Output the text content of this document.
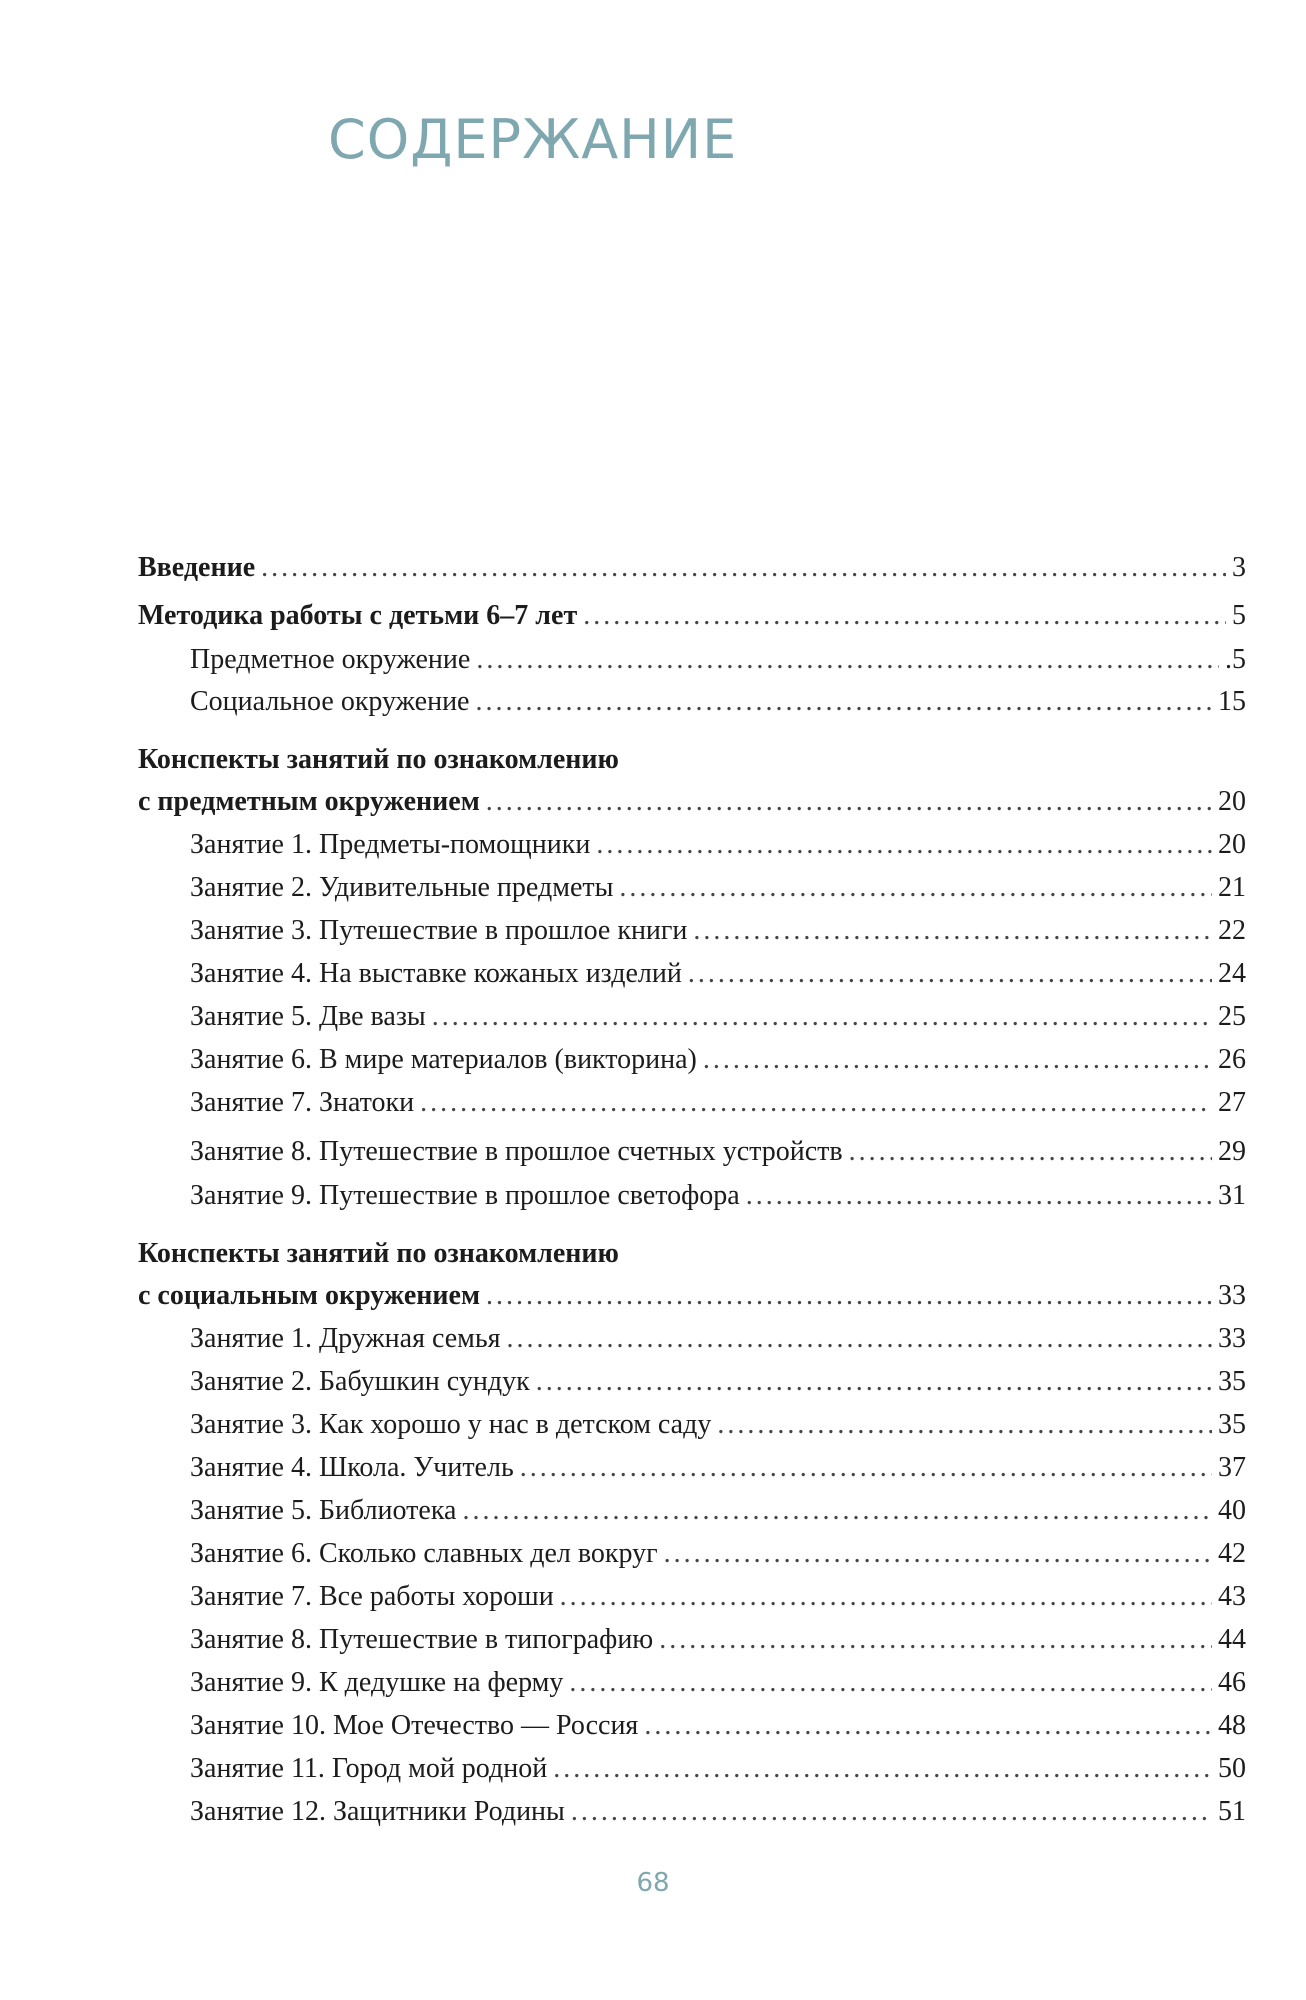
СОДЕРЖАНИЕ
Введение .....	3
Методика работы с детьми 6–7 лет .....	5
Предметное окружение .....	.5
Социальное окружение .....	15
Конспекты занятий по ознакомлению
с предметным окружением .....	20
Занятие 1. Предметы-помощники .....	20
Занятие 2. Удивительные предметы .....	21
Занятие 3. Путешествие в прошлое книги .....	22
Занятие 4. На выставке кожаных изделий .....	24
Занятие 5. Две вазы .....	25
Занятие 6. В мире материалов (викторина) .....	26
Занятие 7. Знатоки .....	27
Занятие 8. Путешествие в прошлое счетных устройств .....	29
Занятие 9. Путешествие в прошлое светофора .....	31
Конспекты занятий по ознакомлению
с социальным окружением .....	33
Занятие 1. Дружная семья .....	33
Занятие 2. Бабушкин сундук .....	35
Занятие 3. Как хорошо у нас в детском саду .....	35
Занятие 4. Школа. Учитель .....	37
Занятие 5. Библиотека .....	40
Занятие 6. Сколько славных дел вокруг .....	42
Занятие 7. Все работы хороши .....	43
Занятие 8. Путешествие в типографию .....	44
Занятие 9. К дедушке на ферму .....	46
Занятие 10. Мое Отечество — Россия .....	48
Занятие 11. Город мой родной .....	50
Занятие 12. Защитники Родины .....	51
68
